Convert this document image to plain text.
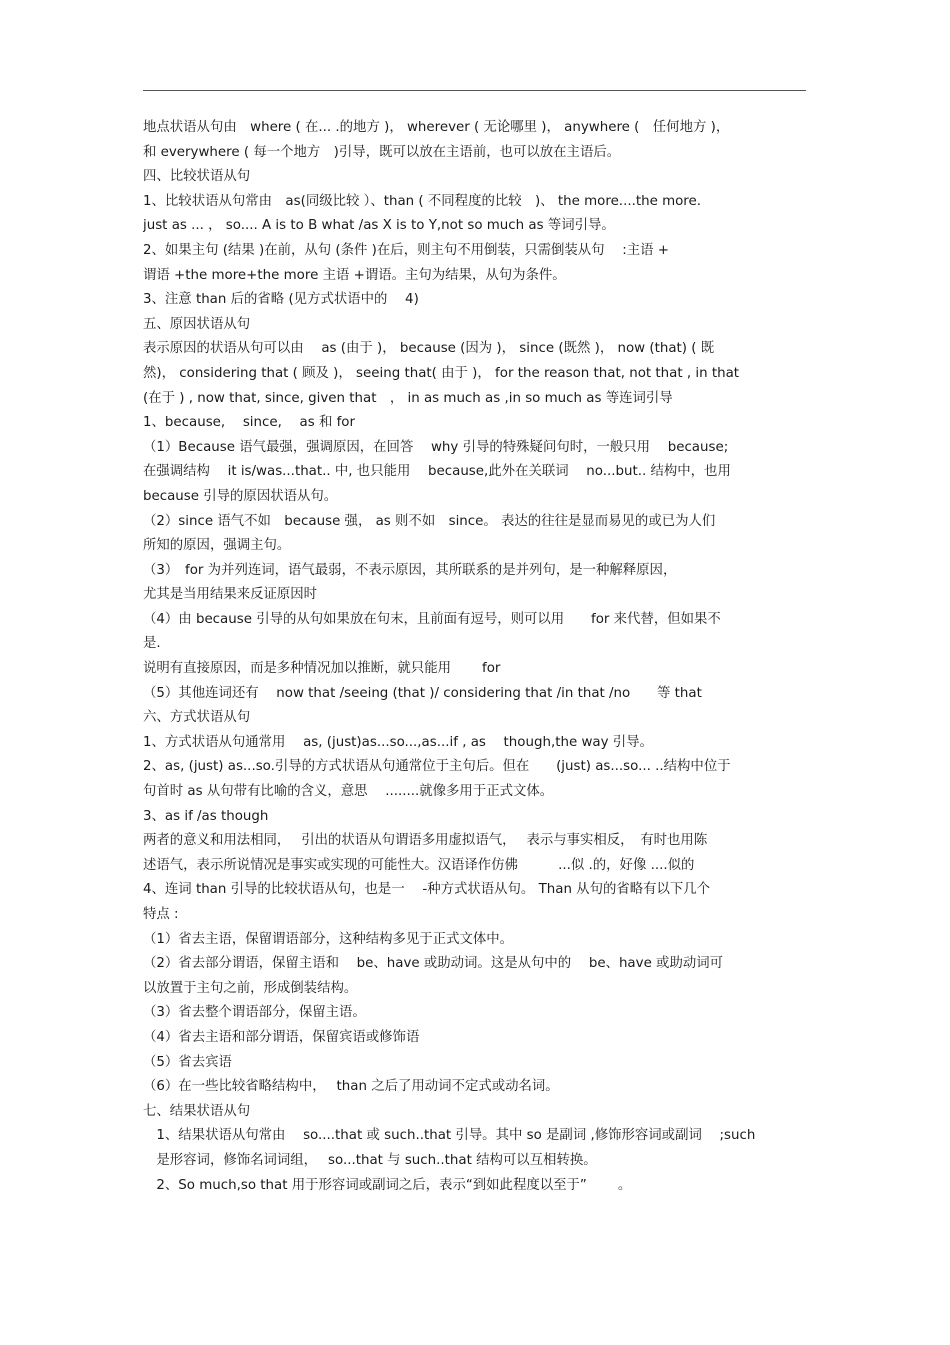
地点状语从句由　where ( 在... .的地方 )， wherever ( 无论哪里 )， anywhere (　任何地方 )，
和 everywhere ( 每一个地方　)引导，既可以放在主语前，也可以放在主语后。
四、比较状语从句
1、比较状语从句常由　as(同级比较 ）、than ( 不同程度的比较　)、 the more....the more.
just as ... ， so.... A is to B what /as X is to Y,not so much as 等词引导。
2、如果主句 (结果 )在前，从句 (条件 )在后，则主句不用倒装，只需倒装从句　 :主语 +
谓语 +the more+the more 主语 +谓语。主句为结果，从句为条件。
3、注意 than 后的省略 (见方式状语中的　 4)
五、原因状语从句
表示原因的状语从句可以由　 as (由于 )， because (因为 )， since (既然 )， now (that) ( 既
然)， considering that ( 顾及 )， seeing that( 由于 )， for the reason that, not that , in that
(在于 ) , now that, since, given that　， in as much as ,in so much as 等连词引导
1、because,　 since,　 as 和 for
（1）Because 语气最强，强调原因，在回答　 why 引导的特殊疑问句时，一般只用　 because;
在强调结构　 it is/was...that.. 中, 也只能用　 because,此外在关联词　 no...but.. 结构中，也用
because 引导的原因状语从句。
（2）since 语气不如　because 强， as 则不如　since。 表达的往往是显而易见的或已为人们
所知的原因，强调主句。
（3）　for 为并列连词，语气最弱，不表示原因，其所联系的是并列句，是一种解释原因，
尤其是当用结果来反证原因时
（4）由 because 引导的从句如果放在句末，且前面有逗号，则可以用　　for 来代替，但如果不
是.
说明有直接原因，而是多种情况加以推断，就只能用　　 for
（5）其他连词还有　 now that /seeing (that )/ considering that /in that /no　　等 that
六、方式状语从句
1、方式状语从句通常用　 as, (just)as...so...,as...if , as　 though,the way 引导。
2、as, (just) as...so.引导的方式状语从句通常位于主句后。但在　　(just) as...so... ..结构中位于
句首时 as 从句带有比喻的含义，意思　 ........就像多用于正式文体。
3、as if /as though
两者的意义和用法相同，　 引出的状语从句谓语多用虚拟语气，　 表示与事实相反，　有时也用陈
述语气，表示所说情况是事实或实现的可能性大。汉语译作仿佛　　　...似 .的，好像 ....似的
4、连词 than 引导的比较状语从句，也是一　 -种方式状语从句。 Than 从句的省略有以下几个
特点 :
（1）省去主语，保留谓语部分，这种结构多见于正式文体中。
（2）省去部分谓语，保留主语和　 be、have 或助动词。这是从句中的　 be、have 或助动词可
以放置于主句之前，形成倒装结构。
（3）省去整个谓语部分，保留主语。
（4）省去主语和部分谓语，保留宾语或修饰语
（5）省去宾语
（6）在一些比较省略结构中，　 than 之后了用动词不定式或动名词。
七、结果状语从句
　1、结果状语从句常由　 so....that 或 such..that 引导。其中 so 是副词 ,修饰形容词或副词　 ;such
　是形容词，修饰名词词组，　 so...that 与 such..that 结构可以互相转换。
　2、So much,so that 用于形容词或副词之后，表示“到如此程度以至于”　　 。
